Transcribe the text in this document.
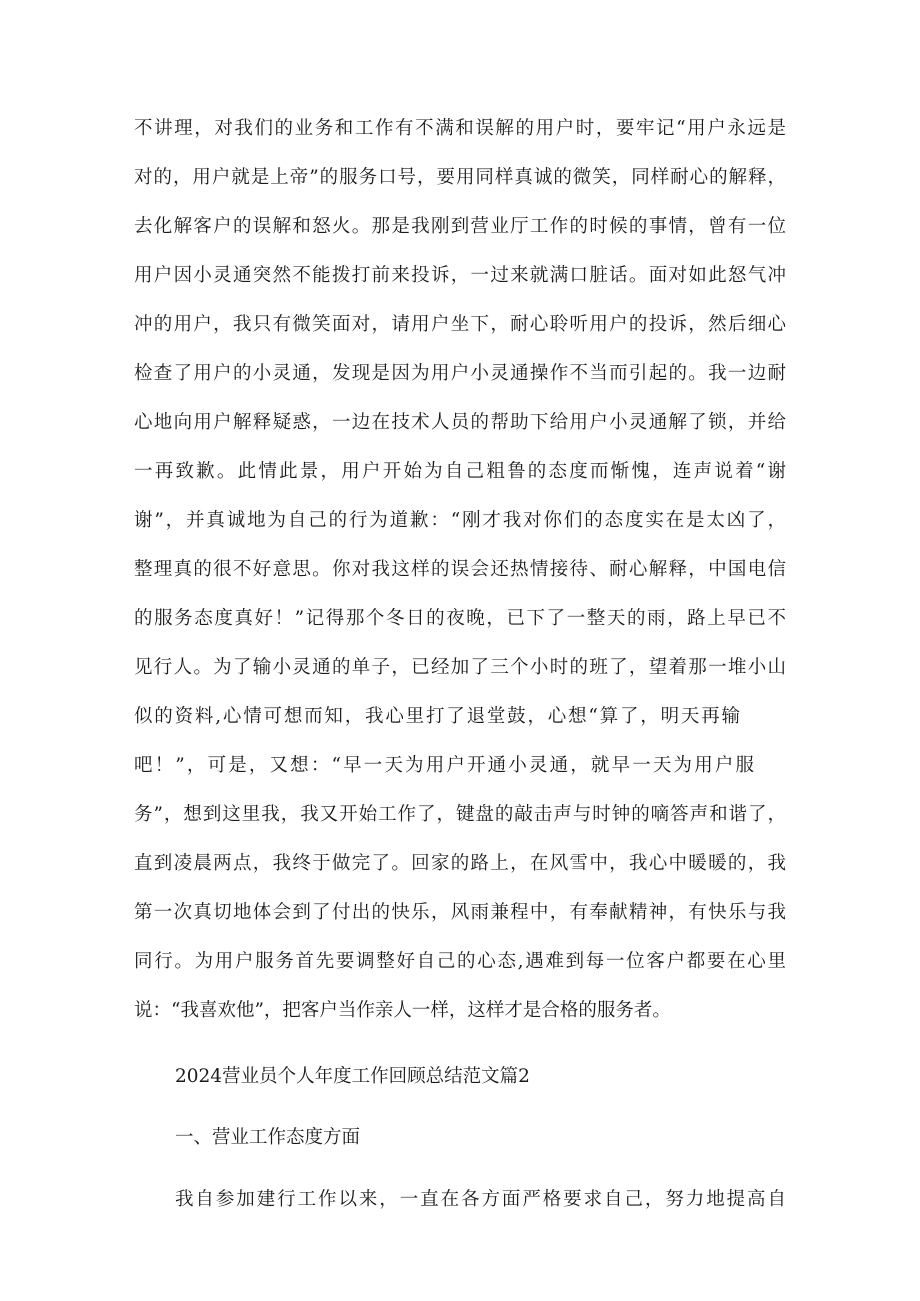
不讲理，对我们的业务和工作有不满和误解的用户时，要牢记“用户永远是
对的，用户就是上帝”的服务口号，要用同样真诚的微笑，同样耐心的解释，
去化解客户的误解和怒火。那是我刚到营业厅工作的时候的事情，曾有一位
用户因小灵通突然不能拨打前来投诉，一过来就满口脏话。面对如此怒气冲
冲的用户，我只有微笑面对，请用户坐下，耐心聆听用户的投诉，然后细心
检查了用户的小灵通，发现是因为用户小灵通操作不当而引起的。我一边耐
心地向用户解释疑惑，一边在技术人员的帮助下给用户小灵通解了锁，并给
一再致歉。此情此景，用户开始为自己粗鲁的态度而惭愧，连声说着“谢
谢”，并真诚地为自己的行为道歉：“刚才我对你们的态度实在是太凶了，
整理真的很不好意思。你对我这样的误会还热情接待、耐心解释，中国电信
的服务态度真好！”记得那个冬日的夜晚，已下了一整天的雨，路上早已不
见行人。为了输小灵通的单子，已经加了三个小时的班了，望着那一堆小山
似的资料,心情可想而知，我心里打了退堂鼓，心想“算了，明天再输
吧！”，可是，又想：“早一天为用户开通小灵通，就早一天为用户服
务”，想到这里我，我又开始工作了，键盘的敲击声与时钟的嘀答声和谐了，
直到凌晨两点，我终于做完了。回家的路上，在风雪中，我心中暖暖的，我
第一次真切地体会到了付出的快乐，风雨兼程中，有奉献精神，有快乐与我
同行。为用户服务首先要调整好自己的心态,遇难到每一位客户都要在心里
说：“我喜欢他”，把客户当作亲人一样，这样才是合格的服务者。
2024营业员个人年度工作回顾总结范文篇2
一、营业工作态度方面
我自参加建行工作以来，一直在各方面严格要求自己，努力地提高自
